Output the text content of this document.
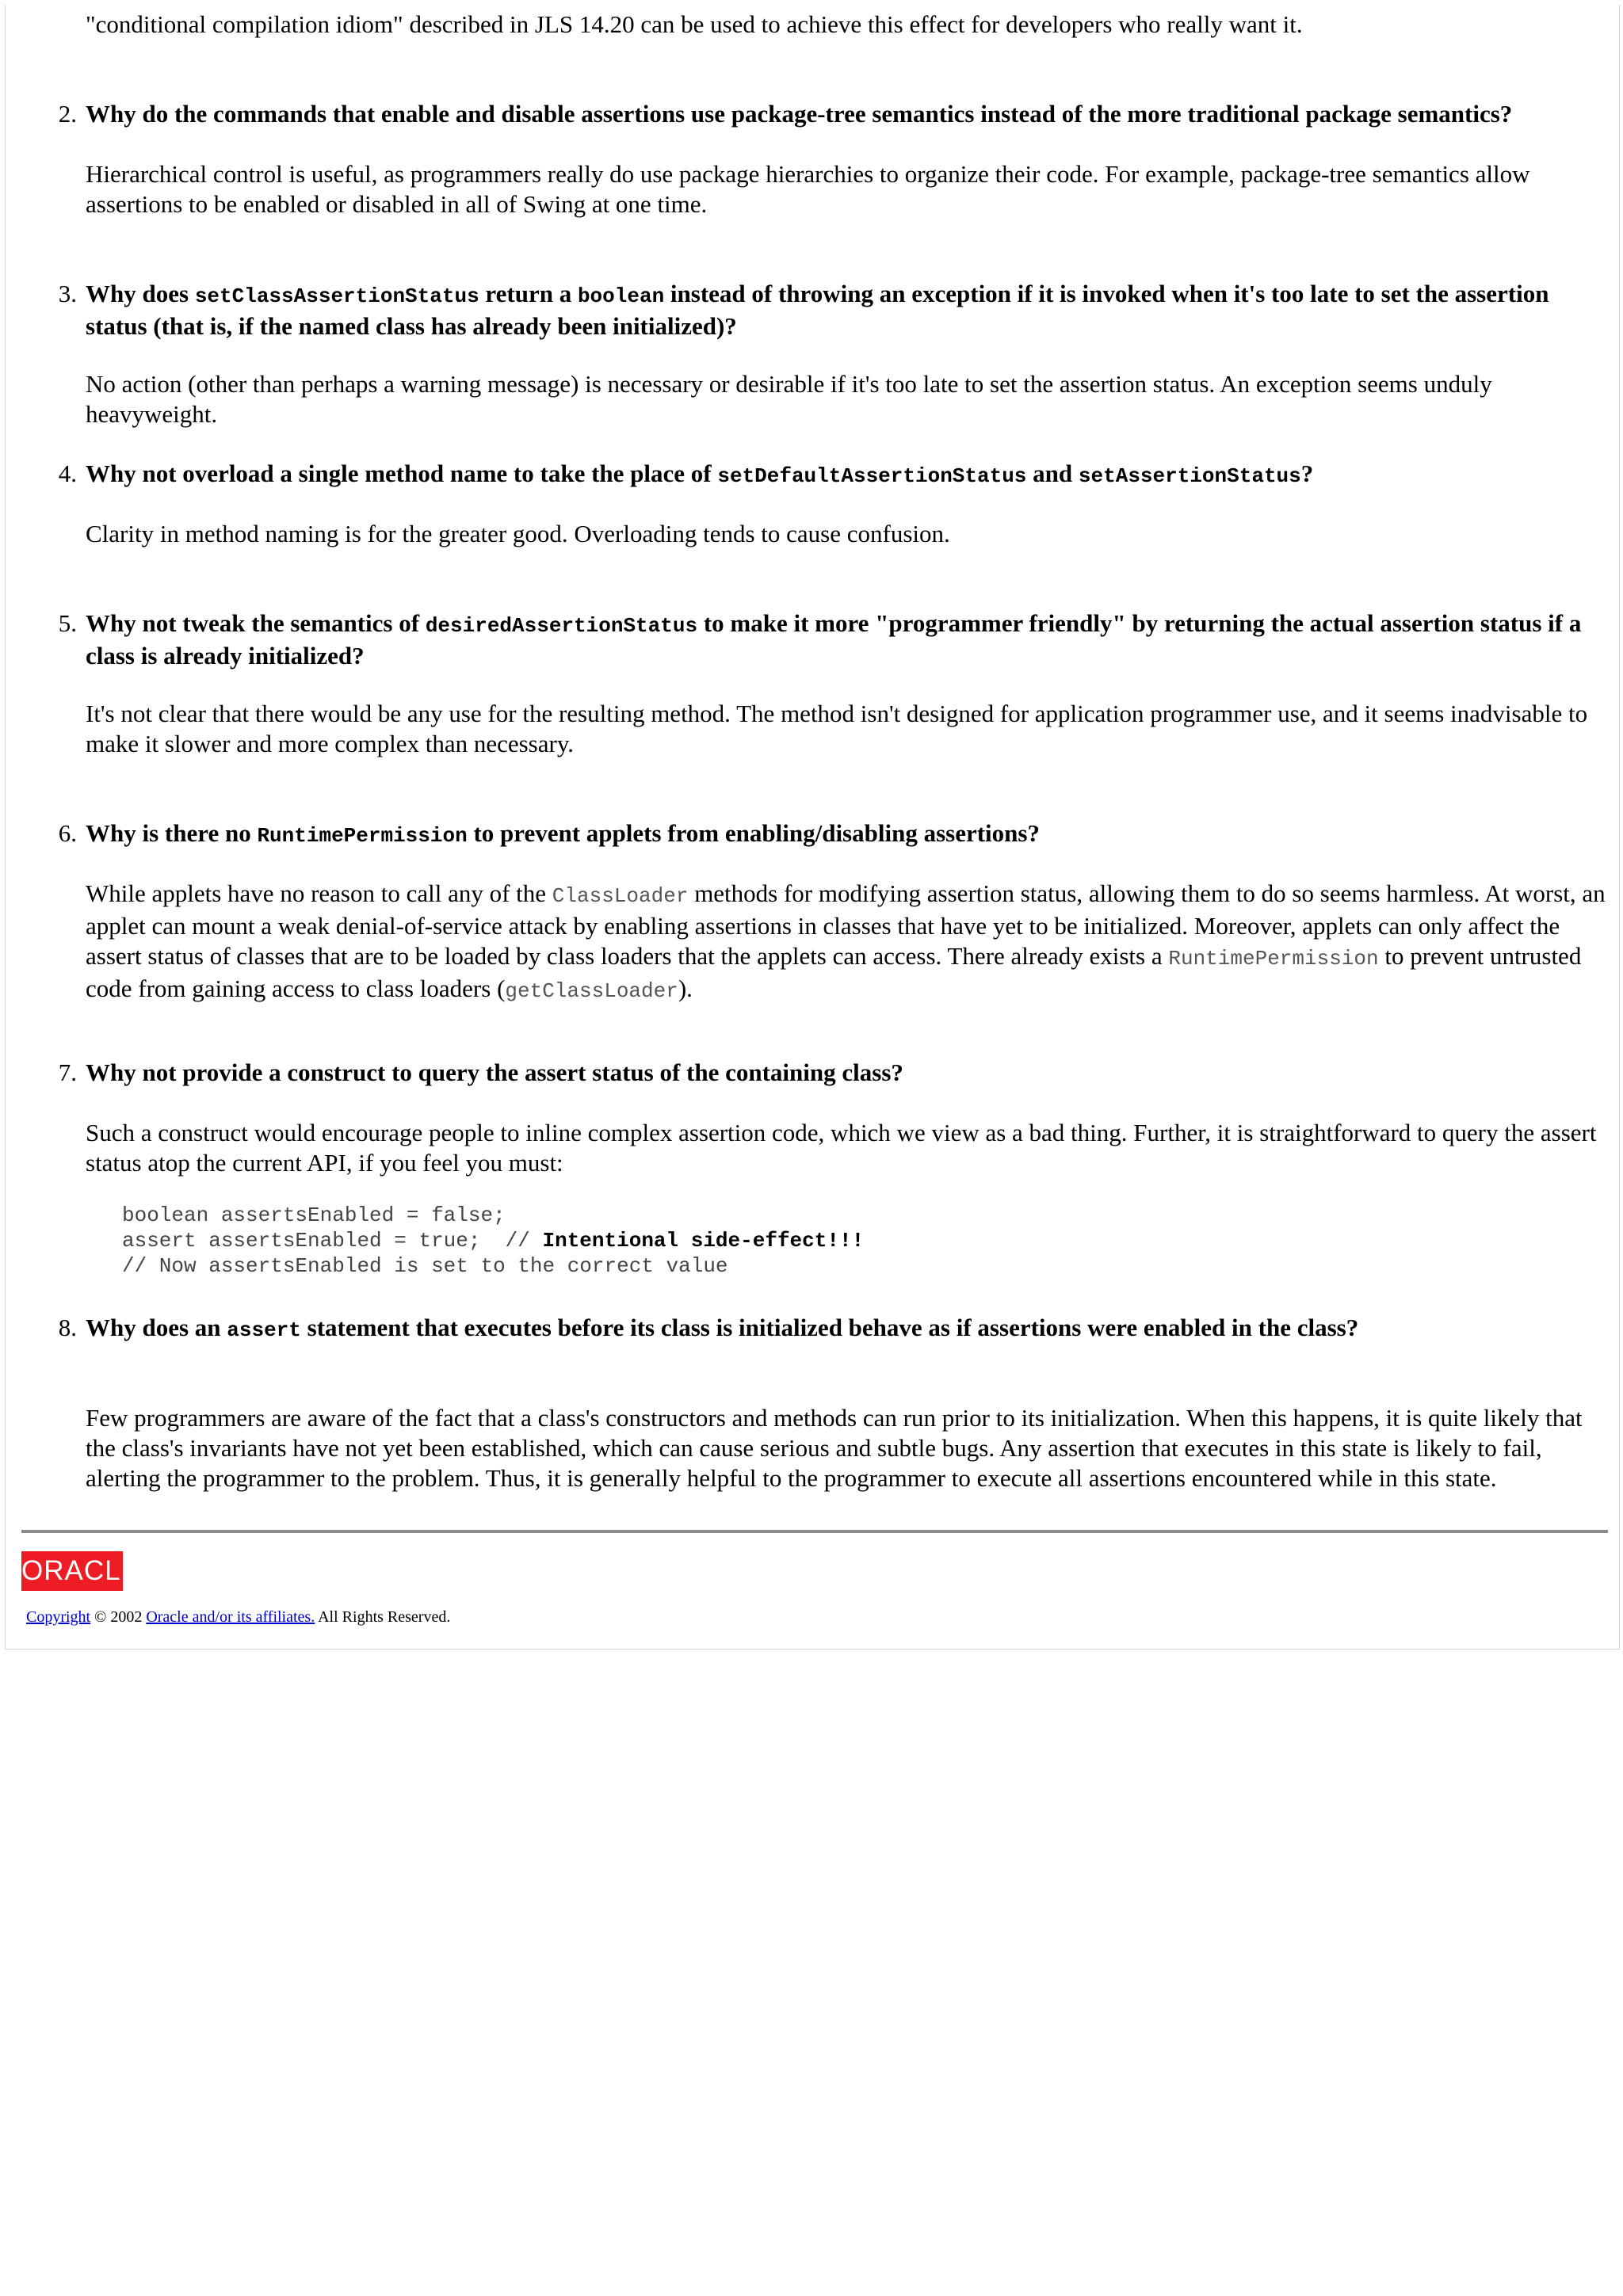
"conditional compilation idiom" described in JLS 14.20 can be used to achieve this effect for developers who really want it.

2. Why do the commands that enable and disable assertions use package-tree semantics instead of the more traditional package semantics?

Hierarchical control is useful, as programmers really do use package hierarchies to organize their code. For example, package-tree semantics allow assertions to be enabled or disabled in all of Swing at one time.

3. Why does setClassAssertionStatus return a boolean instead of throwing an exception if it is invoked when it's too late to set the assertion status (that is, if the named class has already been initialized)?

No action (other than perhaps a warning message) is necessary or desirable if it's too late to set the assertion status. An exception seems unduly heavyweight.

4. Why not overload a single method name to take the place of setDefaultAssertionStatus and setAssertionStatus?

Clarity in method naming is for the greater good. Overloading tends to cause confusion.

5. Why not tweak the semantics of desiredAssertionStatus to make it more "programmer friendly" by returning the actual assertion status if a class is already initialized?

It's not clear that there would be any use for the resulting method. The method isn't designed for application programmer use, and it seems inadvisable to make it slower and more complex than necessary.

6. Why is there no RuntimePermission to prevent applets from enabling/disabling assertions?

While applets have no reason to call any of the ClassLoader methods for modifying assertion status, allowing them to do so seems harmless. At worst, an applet can mount a weak denial-of-service attack by enabling assertions in classes that have yet to be initialized. Moreover, applets can only affect the assert status of classes that are to be loaded by class loaders that the applets can access. There already exists a RuntimePermission to prevent untrusted code from gaining access to class loaders (getClassLoader).

7. Why not provide a construct to query the assert status of the containing class?

Such a construct would encourage people to inline complex assertion code, which we view as a bad thing. Further, it is straightforward to query the assert status atop the current API, if you feel you must:

boolean assertsEnabled = false;
assert assertsEnabled = true;  // Intentional side-effect!!!
// Now assertsEnabled is set to the correct value
8. Why does an assert statement that executes before its class is initialized behave as if assertions were enabled in the class?

Few programmers are aware of the fact that a class's constructors and methods can run prior to its initialization. When this happens, it is quite likely that the class's invariants have not yet been established, which can cause serious and subtle bugs. Any assertion that executes in this state is likely to fail, alerting the programmer to the problem. Thus, it is generally helpful to the programmer to execute all assertions encountered while in this state.

ORACLE
Copyright © 2002 Oracle and/or its affiliates. All Rights Reserved.
